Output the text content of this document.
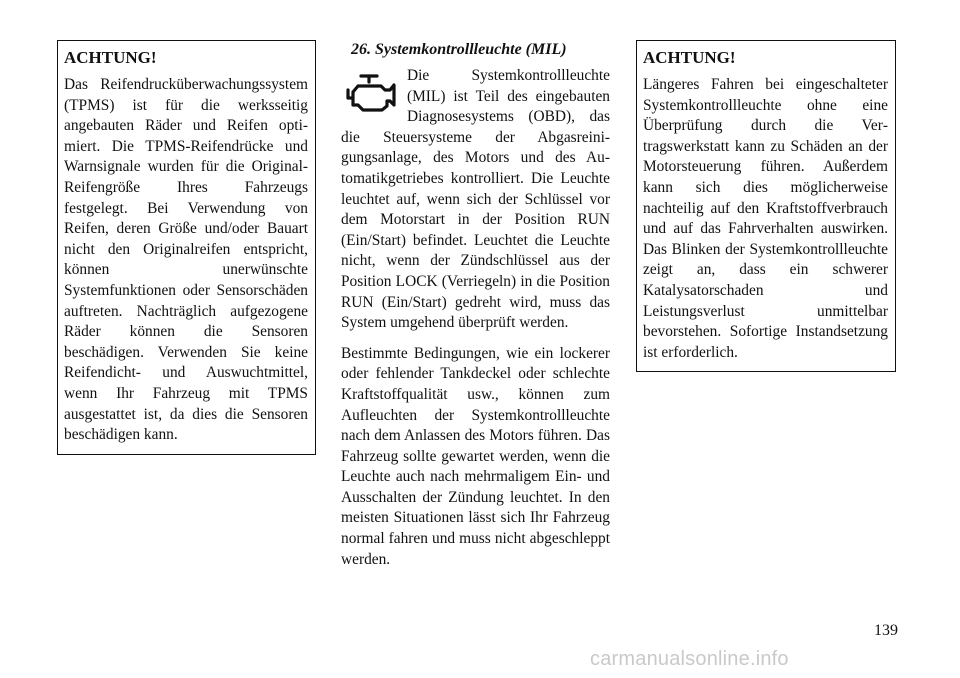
ACHTUNG!

Das Reifendrucküberwachungssystem (TPMS) ist für die werksseitig angebauten Räder und Reifen optimiert. Die TPMS-Reifendrücke und Warnsignale wurden für die Original-Reifengröße Ihres Fahrzeugs festgelegt. Bei Verwendung von Reifen, deren Größe und/oder Bauart nicht den Originalreifen entspricht, können unerwünschte Systemfunktionen oder Sensorschäden auftreten. Nachträglich aufgezogene Räder können die Sensoren beschädigen. Verwenden Sie keine Reifendicht- und Auswuchtmittel, wenn Ihr Fahrzeug mit TPMS ausgestattet ist, da dies die Sensoren beschädigen kann.

26. Systemkontrollleuchte (MIL)

Die Systemkontrollleuchte (MIL) ist Teil des eingebauten Diagnosesystems (OBD), das die Steuersysteme der Abgasreinigungsanlage, des Motors und des Automatikgetriebes kontrolliert. Die Leuchte leuchtet auf, wenn sich der Schlüssel vor dem Motorstart in der Position RUN (Ein/Start) befindet. Leuchtet die Leuchte nicht, wenn der Zündschlüssel aus der Position LOCK (Verriegeln) in die Position RUN (Ein/Start) gedreht wird, muss das System umgehend überprüft werden.

Bestimmte Bedingungen, wie ein lockerer oder fehlender Tankdeckel oder schlechte Kraftstoffqualität usw., können zum Aufleuchten der Systemkontrollleuchte nach dem Anlassen des Motors führen. Das Fahrzeug sollte gewartet werden, wenn die Leuchte auch nach mehrmaligem Ein- und Ausschalten der Zündung leuchtet. In den meisten Situationen lässt sich Ihr Fahrzeug normal fahren und muss nicht abgeschleppt werden.

ACHTUNG!

Längeres Fahren bei eingeschalteter Systemkontrollleuchte ohne eine Überprüfung durch die Vertragswerkstatt kann zu Schäden an der Motorsteuerung führen. Außerdem kann sich dies möglicherweise nachteilig auf den Kraftstoffverbrauch und auf das Fahrverhalten auswirken. Das Blinken der Systemkontrollleuchte zeigt an, dass ein schwerer Katalysatorschaden und Leistungsverlust unmittelbar bevorstehen. Sofortige Instandsetzung ist erforderlich.

139
carmanualsonline.info
